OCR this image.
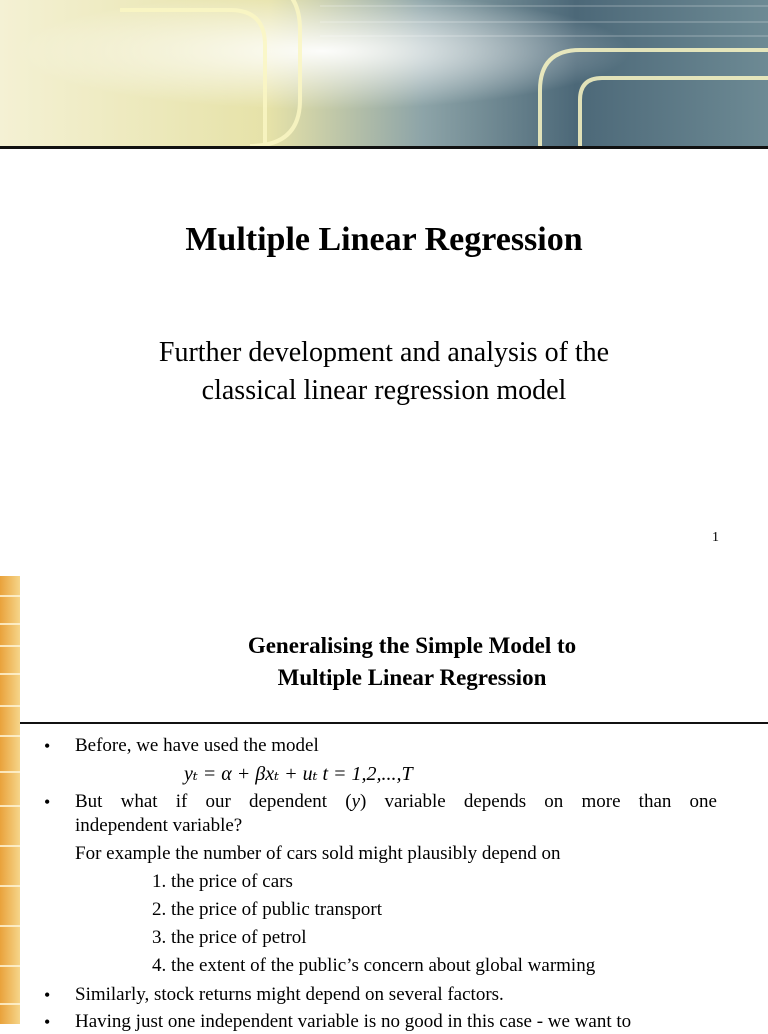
Multiple Linear Regression
Further development and analysis of the
classical linear regression model
1
Generalising the Simple Model to
Multiple Linear Regression
• Before, we have used the model
yₜ = α + βxₜ + uₜ t = 1,2,...,T
• But what if our dependent (y) variable depends on more than one
independent variable?
For example the number of cars sold might plausibly depend on
1. the price of cars
2. the price of public transport
3. the price of petrol
4. the extent of the public’s concern about global warming
• Similarly, stock returns might depend on several factors.
• Having just one independent variable is no good in this case - we want to
